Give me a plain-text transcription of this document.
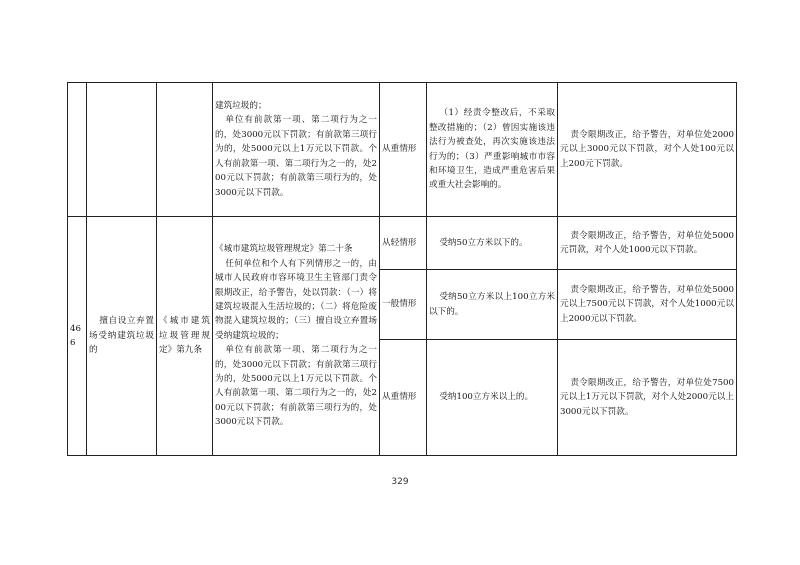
			建筑垃圾的；
单位有前款第一项、第二项行为之一的，处3000元以下罚款；有前款第三项行为的，处5000元以上1万元以下罚款。个人有前款第一项、第二项行为之一的，处200元以下罚款；有前款第三项行为的，处3000元以下罚款。	从重情形	（1）经责令整改后，不采取整改措施的；（2）曾因实施该违法行为被查处，再次实施该违法行为的；（3）严重影响城市市容和环境卫生，造成严重危害后果或重大社会影响的。	责令限期改正，给予警告，对单位处2000元以上3000元以下罚款，对个人处100元以上200元下罚款。

466	擅自设立弃置场受纳建筑垃圾的	《城市建筑垃圾管理规定》第九条	《城市建筑垃圾管理规定》第二十条
任何单位和个人有下列情形之一的，由城市人民政府市容环境卫生主管部门责令限期改正，给予警告，处以罚款：（一）将建筑垃圾混入生活垃圾的；（二）将危险废物混入建筑垃圾的；（三）擅自设立弃置场受纳建筑垃圾的；
单位有前款第一项、第二项行为之一的，处3000元以下罚款；有前款第三项行为的，处5000元以上1万元以下罚款。个人有前款第一项、第二项行为之一的，处200元以下罚款；有前款第三项行为的，处3000元以下罚款。	从轻情形	受纳50立方米以下的。	责令限期改正，给予警告，对单位处5000元罚款，对个人处1000元以下罚款。

				一般情形	受纳50立方米以上100立方米以下的。	责令限期改正，给予警告，对单位处5000元以上7500元以下罚款，对个人处1000元以上2000元以下罚款。

				从重情形	受纳100立方米以上的。	责令限期改正，给予警告，对单位处7500元以上1万元以下罚款，对个人处2000元以上3000元以下罚款。
329
